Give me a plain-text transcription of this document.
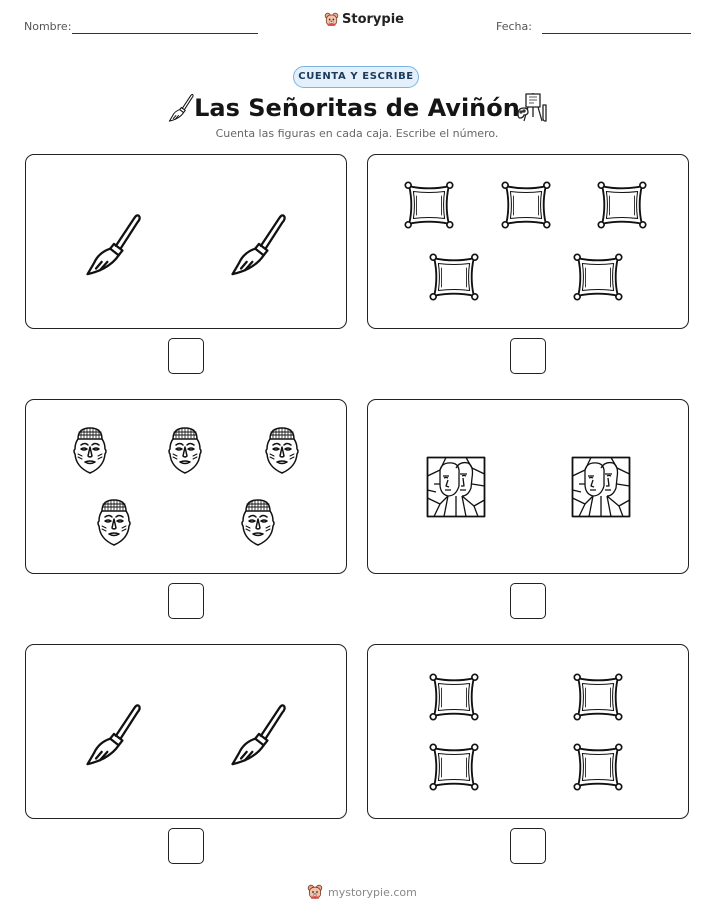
Nombre:	Storypie	Fecha:
CUENTA Y ESCRIBE
Las Señoritas de Aviñón
Cuenta las figuras en cada caja. Escribe el número.
mystorypie.com
